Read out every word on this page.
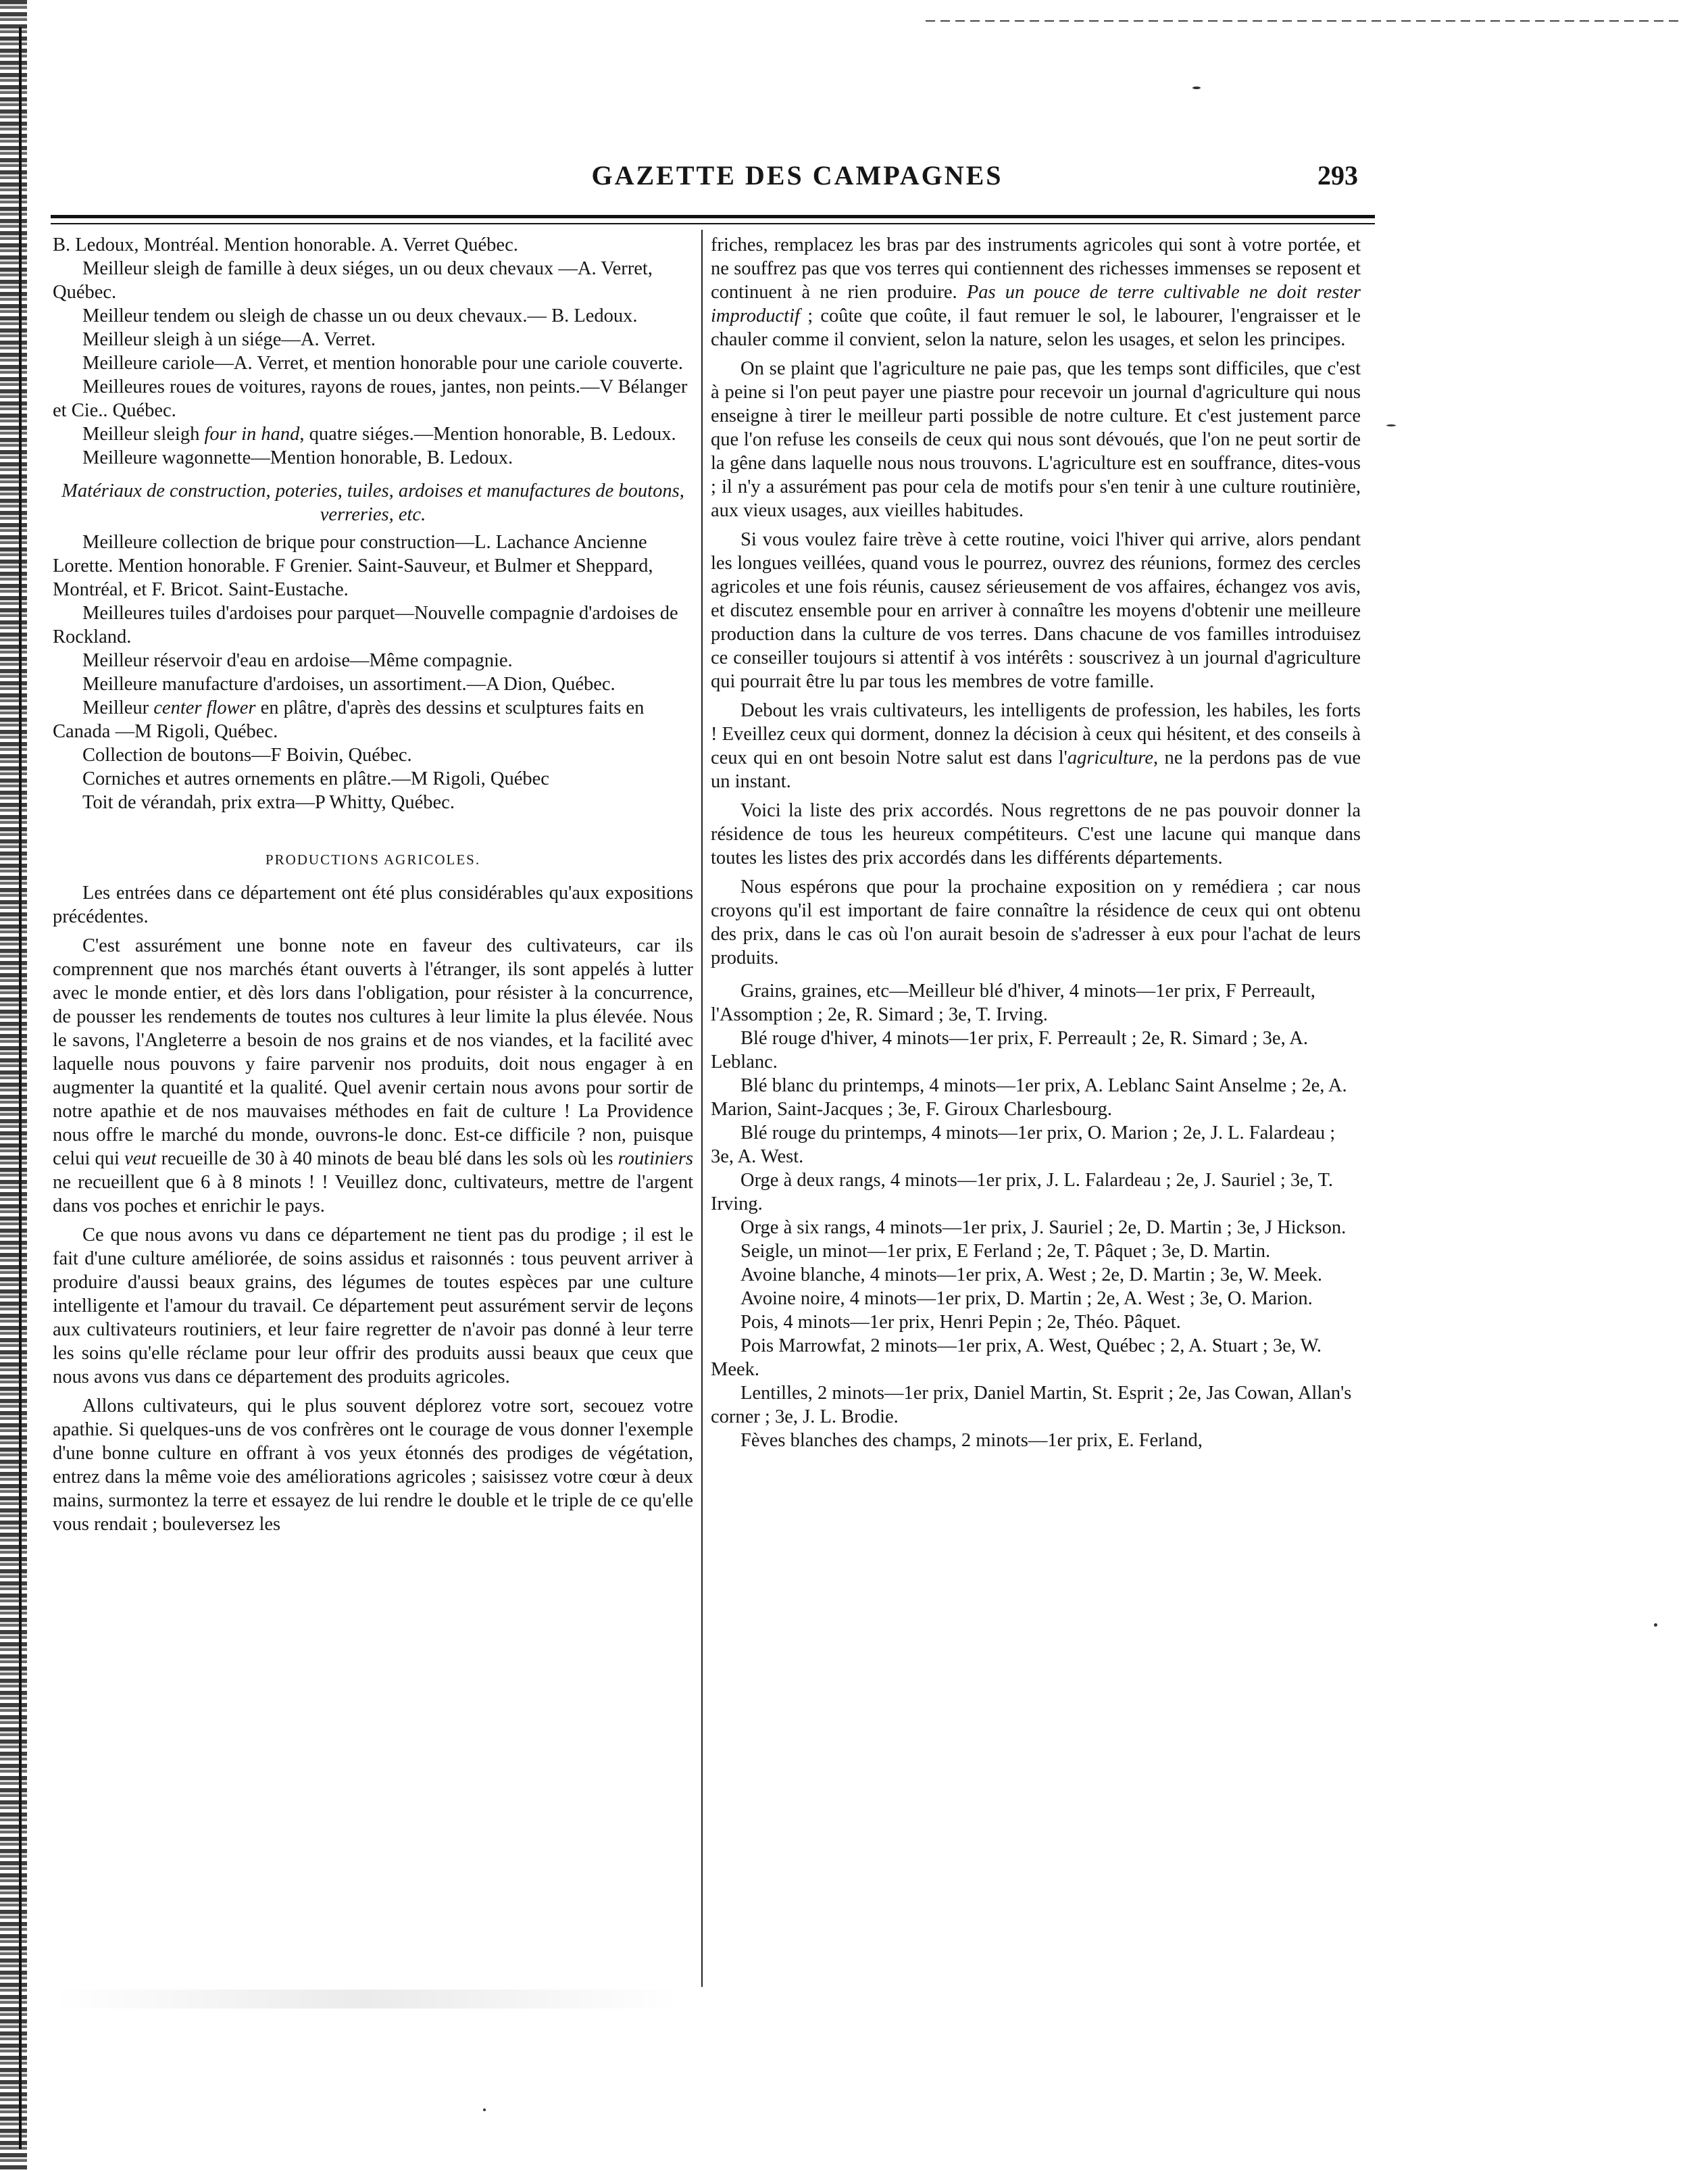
GAZETTE DES CAMPAGNES	293

B. Ledoux, Montréal. Mention honorable. A. Verret Québec.

Meilleur sleigh de famille à deux siéges, un ou deux chevaux —A. Verret, Québec.

Meilleur tendem ou sleigh de chasse un ou deux chevaux.— B. Ledoux.

Meilleur sleigh à un siége—A. Verret.

Meilleure cariole—A. Verret, et mention honorable pour une cariole couverte.

Meilleures roues de voitures, rayons de roues, jantes, non peints.—V Bélanger et Cie.. Québec.

Meilleur sleigh four in hand, quatre siéges.—Mention honorable, B. Ledoux.

Meilleure wagonnette—Mention honorable, B. Ledoux.

Matériaux de construction, poteries, tuiles, ardoises et manufactures de boutons, verreries, etc.

Meilleure collection de brique pour construction—L. Lachance Ancienne Lorette. Mention honorable. F Grenier. Saint-Sauveur, et Bulmer et Sheppard, Montréal, et F. Bricot. Saint-Eustache.

Meilleures tuiles d'ardoises pour parquet—Nouvelle compagnie d'ardoises de Rockland.

Meilleur réservoir d'eau en ardoise—Même compagnie.

Meilleure manufacture d'ardoises, un assortiment.—A Dion, Québec.

Meilleur center flower en plâtre, d'après des dessins et sculptures faits en Canada —M Rigoli, Québec.

Collection de boutons—F Boivin, Québec.

Corniches et autres ornements en plâtre.—M Rigoli, Québec

Toit de vérandah, prix extra—P Whitty, Québec.

PRODUCTIONS AGRICOLES.

Les entrées dans ce département ont été plus considérables qu'aux expositions précédentes.

C'est assurément une bonne note en faveur des cultivateurs, car ils comprennent que nos marchés étant ouverts à l'étranger, ils sont appelés à lutter avec le monde entier, et dès lors dans l'obligation, pour résister à la concurrence, de pousser les rendements de toutes nos cultures à leur limite la plus élevée. Nous le savons, l'Angleterre a besoin de nos grains et de nos viandes, et la facilité avec laquelle nous pouvons y faire parvenir nos produits, doit nous engager à en augmenter la quantité et la qualité. Quel avenir certain nous avons pour sortir de notre apathie et de nos mauvaises méthodes en fait de culture ! La Providence nous offre le marché du monde, ouvrons-le donc. Est-ce difficile ? non, puisque celui qui veut recueille de 30 à 40 minots de beau blé dans les sols où les routiniers ne recueillent que 6 à 8 minots ! ! Veuillez donc, cultivateurs, mettre de l'argent dans vos poches et enrichir le pays.

Ce que nous avons vu dans ce département ne tient pas du prodige ; il est le fait d'une culture améliorée, de soins assidus et raisonnés : tous peuvent arriver à produire d'aussi beaux grains, des légumes de toutes espèces par une culture intelligente et l'amour du travail. Ce département peut assurément servir de leçons aux cultivateurs routiniers, et leur faire regretter de n'avoir pas donné à leur terre les soins qu'elle réclame pour leur offrir des produits aussi beaux que ceux que nous avons vus dans ce département des produits agricoles.

Allons cultivateurs, qui le plus souvent déplorez votre sort, secouez votre apathie. Si quelques-uns de vos confrères ont le courage de vous donner l'exemple d'une bonne culture en offrant à vos yeux étonnés des prodiges de végétation, entrez dans la même voie des améliorations agricoles ; saisissez votre cœur à deux mains, surmontez la terre et essayez de lui rendre le double et le triple de ce qu'elle vous rendait ; bouleversez les

friches, remplacez les bras par des instruments agricoles qui sont à votre portée, et ne souffrez pas que vos terres qui contiennent des richesses immenses se reposent et continuent à ne rien produire. Pas un pouce de terre cultivable ne doit rester improductif ; coûte que coûte, il faut remuer le sol, le labourer, l'engraisser et le chauler comme il convient, selon la nature, selon les usages, et selon les principes.

On se plaint que l'agriculture ne paie pas, que les temps sont difficiles, que c'est à peine si l'on peut payer une piastre pour recevoir un journal d'agriculture qui nous enseigne à tirer le meilleur parti possible de notre culture. Et c'est justement parce que l'on refuse les conseils de ceux qui nous sont dévoués, que l'on ne peut sortir de la gêne dans laquelle nous nous trouvons. L'agriculture est en souffrance, dites-vous ; il n'y a assurément pas pour cela de motifs pour s'en tenir à une culture routinière, aux vieux usages, aux vieilles habitudes.

Si vous voulez faire trève à cette routine, voici l'hiver qui arrive, alors pendant les longues veillées, quand vous le pourrez, ouvrez des réunions, formez des cercles agricoles et une fois réunis, causez sérieusement de vos affaires, échangez vos avis, et discutez ensemble pour en arriver à connaître les moyens d'obtenir une meilleure production dans la culture de vos terres. Dans chacune de vos familles introduisez ce conseiller toujours si attentif à vos intérêts : souscrivez à un journal d'agriculture qui pourrait être lu par tous les membres de votre famille.

Debout les vrais cultivateurs, les intelligents de profession, les habiles, les forts ! Eveillez ceux qui dorment, donnez la décision à ceux qui hésitent, et des conseils à ceux qui en ont besoin Notre salut est dans l'agriculture, ne la perdons pas de vue un instant.

Voici la liste des prix accordés. Nous regrettons de ne pas pouvoir donner la résidence de tous les heureux compétiteurs. C'est une lacune qui manque dans toutes les listes des prix accordés dans les différents départements.

Nous espérons que pour la prochaine exposition on y remédiera ; car nous croyons qu'il est important de faire connaître la résidence de ceux qui ont obtenu des prix, dans le cas où l'on aurait besoin de s'adresser à eux pour l'achat de leurs produits.

Grains, graines, etc—Meilleur blé d'hiver, 4 minots—1er prix, F Perreault, l'Assomption ; 2e, R. Simard ; 3e, T. Irving.

Blé rouge d'hiver, 4 minots—1er prix, F. Perreault ; 2e, R. Simard ; 3e, A. Leblanc.

Blé blanc du printemps, 4 minots—1er prix, A. Leblanc Saint Anselme ; 2e, A. Marion, Saint-Jacques ; 3e, F. Giroux Charlesbourg.

Blé rouge du printemps, 4 minots—1er prix, O. Marion ; 2e, J. L. Falardeau ; 3e, A. West.

Orge à deux rangs, 4 minots—1er prix, J. L. Falardeau ; 2e, J. Sauriel ; 3e, T. Irving.

Orge à six rangs, 4 minots—1er prix, J. Sauriel ; 2e, D. Martin ; 3e, J Hickson.

Seigle, un minot—1er prix, E Ferland ; 2e, T. Pâquet ; 3e, D. Martin.

Avoine blanche, 4 minots—1er prix, A. West ; 2e, D. Martin ; 3e, W. Meek.

Avoine noire, 4 minots—1er prix, D. Martin ; 2e, A. West ; 3e, O. Marion.

Pois, 4 minots—1er prix, Henri Pepin ; 2e, Théo. Pâquet.

Pois Marrowfat, 2 minots—1er prix, A. West, Québec ; 2, A. Stuart ; 3e, W. Meek.

Lentilles, 2 minots—1er prix, Daniel Martin, St. Esprit ; 2e, Jas Cowan, Allan's corner ; 3e, J. L. Brodie.

Fèves blanches des champs, 2 minots—1er prix, E. Ferland,
